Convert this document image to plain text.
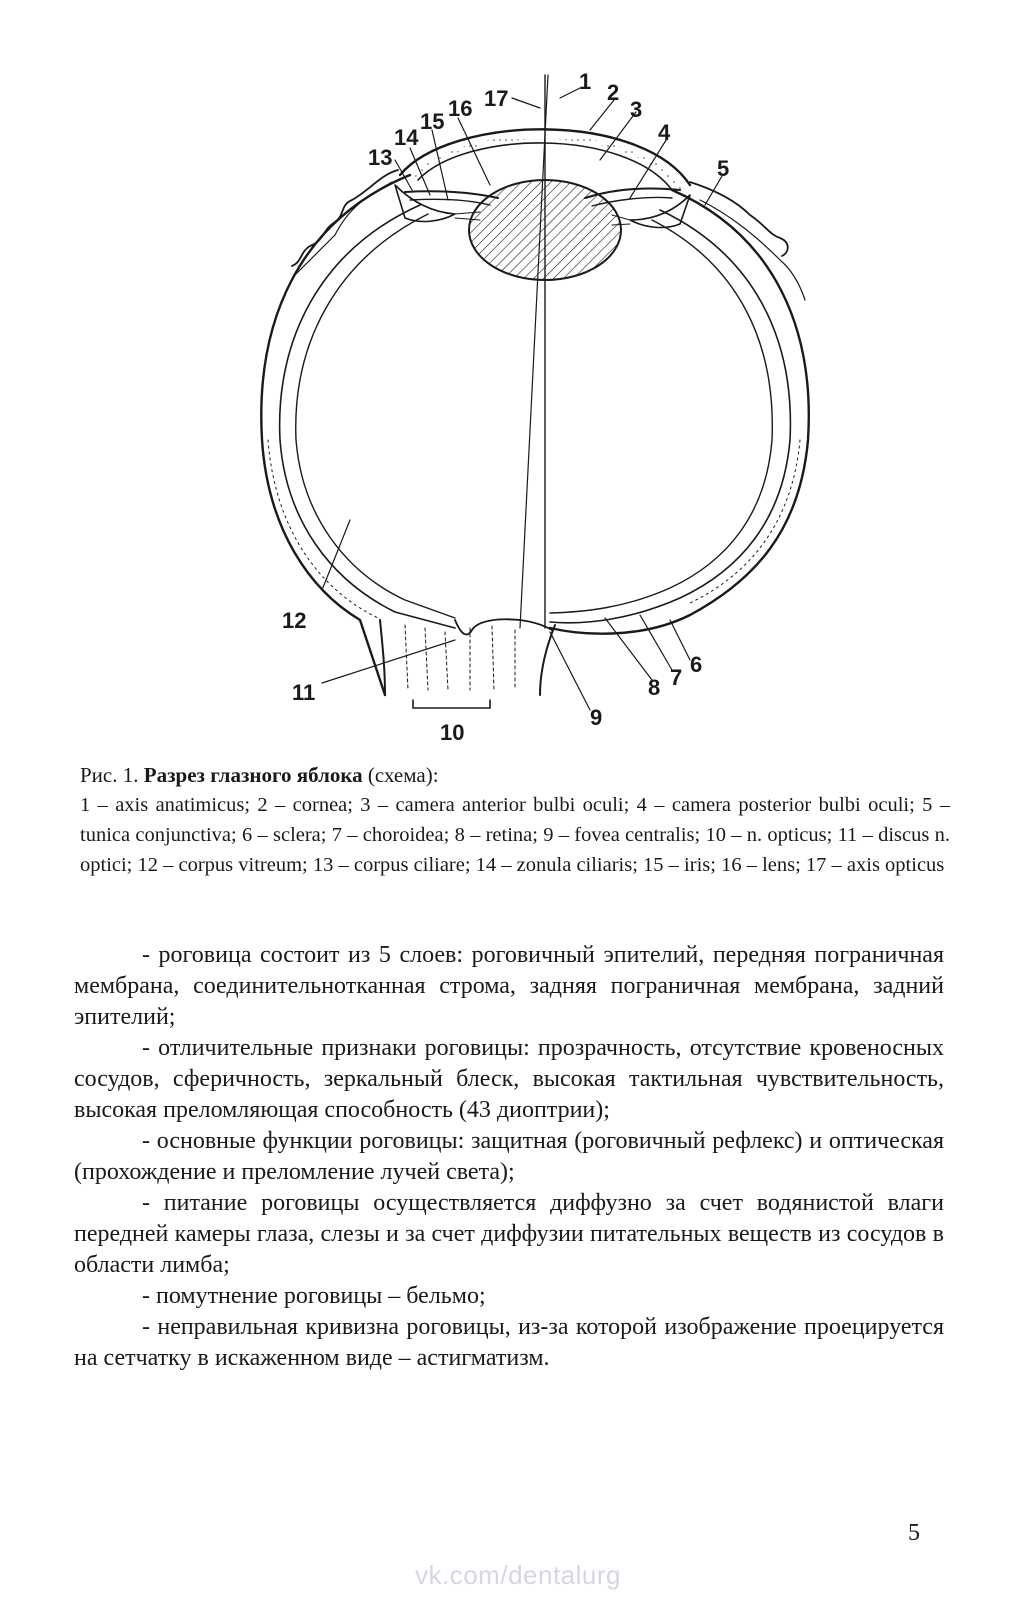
1 2
3
4
5
6
7
8
9
10
11
12
13
14
15
16 17
Рис. 1. Разрез глазного яблока (схема):
1 – axis anatimicus; 2 – cornea; 3 – camera anterior bulbi oculi; 4 – camera posterior bulbi oculi; 5 – tunica conjunctiva; 6 – sclera; 7 – choroidea; 8 – retina; 9 – fovea centralis; 10 – n. opticus; 11 – discus n. optici; 12 – corpus vitreum; 13 – corpus ciliare; 14 – zonula ciliaris; 15 – iris; 16 – lens; 17 – axis opticus

- роговица состоит из 5 слоев: роговичный эпителий, передняя пограничная мембрана, соединительнотканная строма, задняя пограничная мембрана, задний эпителий;

- отличительные признаки роговицы: прозрачность, отсутствие кровеносных сосудов, сферичность, зеркальный блеск, высокая тактильная чувствительность, высокая преломляющая способность (43 диоптрии);

- основные функции роговицы: защитная (роговичный рефлекс) и оптическая (прохождение и преломление лучей света);

- питание роговицы осуществляется диффузно за счет водянистой влаги передней камеры глаза, слезы и за счет диффузии питательных веществ из сосудов в области лимба;

- помутнение роговицы – бельмо;

- неправильная кривизна роговицы, из-за которой изображение проецируется на сетчатку в искаженном виде – астигматизм.

5
vk.com/dentalurg
